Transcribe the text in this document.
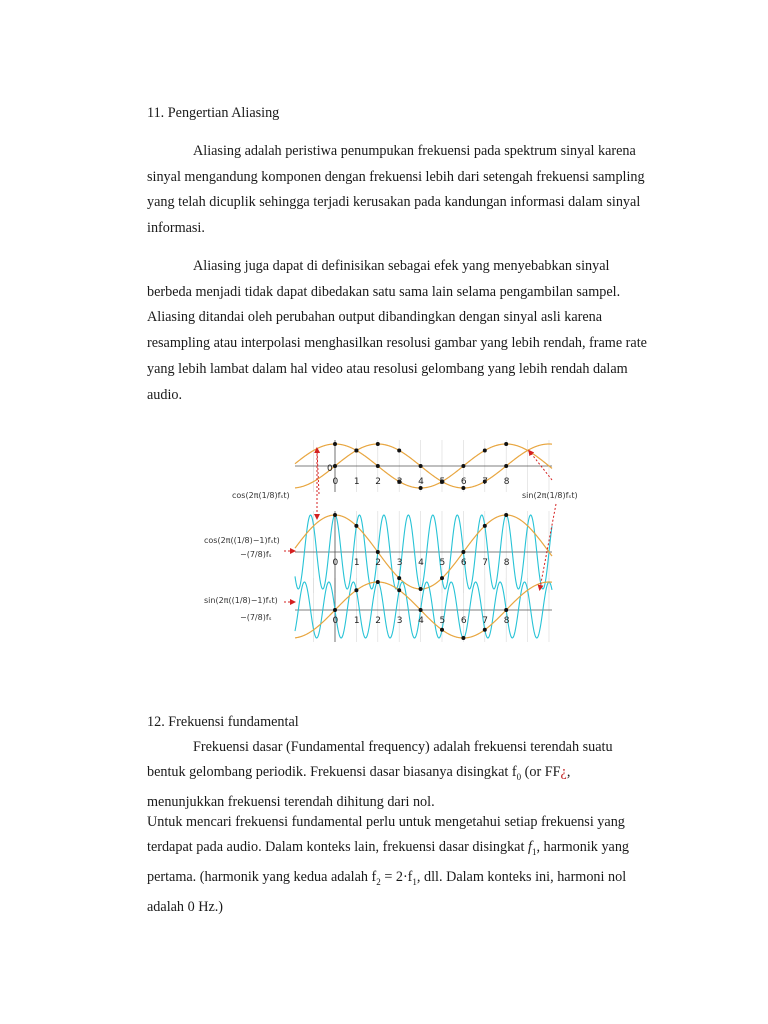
11. Pengertian Aliasing

Aliasing adalah peristiwa penumpukan frekuensi pada spektrum sinyal karena sinyal mengandung komponen dengan frekuensi lebih dari setengah frekuensi sampling yang telah dicuplik sehingga terjadi kerusakan pada kandungan informasi dalam sinyal informasi.

Aliasing juga dapat di definisikan sebagai efek yang menyebabkan sinyal berbeda menjadi tidak dapat dibedakan satu sama lain selama pengambilan sampel. Aliasing ditandai oleh perubahan output dibandingkan dengan sinyal asli karena resampling atau interpolasi menghasilkan resolusi gambar yang lebih rendah, frame rate yang lebih lambat dalam hal video atau resolusi gelombang yang lebih rendah dalam audio.

0 1 2 3 4 5 6 7 8
0
0 1 2 3 4 5 6 7 8
0 1 2 3 4 5 6 7 8
cos(2π(1/8)fₛt)
cos(2π((1/8)−1)fₛt)
−(7/8)fₛ
sin(2π((1/8)−1)fₛt)
−(7/8)fₛ
sin(2π(1/8)fₛt)
12. Frekuensi fundamental

Frekuensi dasar (Fundamental frequency) adalah frekuensi terendah suatu bentuk gelombang periodik. Frekuensi dasar biasanya disingkat $f_0$ (or FF¿, menunjukkan frekuensi terendah dihitung dari nol.

Untuk mencari frekuensi fundamental perlu untuk mengetahui setiap frekuensi yang terdapat pada audio. Dalam konteks lain, frekuensi dasar disingkat $f_1$, harmonik yang pertama. (harmonik yang kedua adalah $f_2 = 2\cdot f_1$, dll. Dalam konteks ini, harmoni nol adalah 0 Hz.)
